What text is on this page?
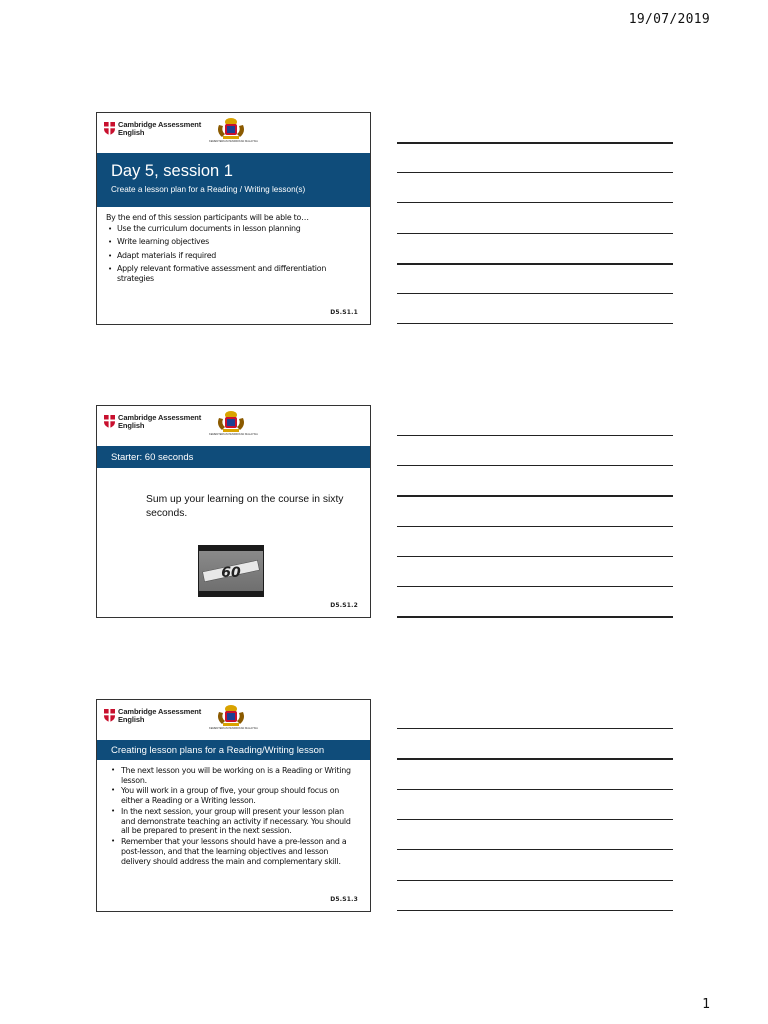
19/07/2019
Cambridge Assessment
English
KEMENTERIAN PENDIDIKAN MALAYSIA
Day 5, session 1
Create a lesson plan for a Reading / Writing lesson(s)
By the end of this session participants will be able to…
• Use the curriculum documents in lesson planning
• Write learning objectives
• Adapt materials if required
• Apply relevant formative assessment and differentiation strategies
D5.S1.1
Cambridge Assessment
English
KEMENTERIAN PENDIDIKAN MALAYSIA
Starter: 60 seconds
Sum up your learning on the course in sixty seconds.
60
D5.S1.2
Cambridge Assessment
English
KEMENTERIAN PENDIDIKAN MALAYSIA
Creating lesson plans for a Reading/Writing lesson
• The next lesson you will be working on is a Reading or Writing lesson.
• You will work in a group of five, your group should focus on either a Reading or a Writing lesson.
• In the next session, your group will present your lesson plan and demonstrate teaching an activity if necessary. You should all be prepared to present in the next session.
• Remember that your lessons should have a pre-lesson and a post-lesson, and that the learning objectives and lesson delivery should address the main and complementary skill.
D5.S1.3
1
